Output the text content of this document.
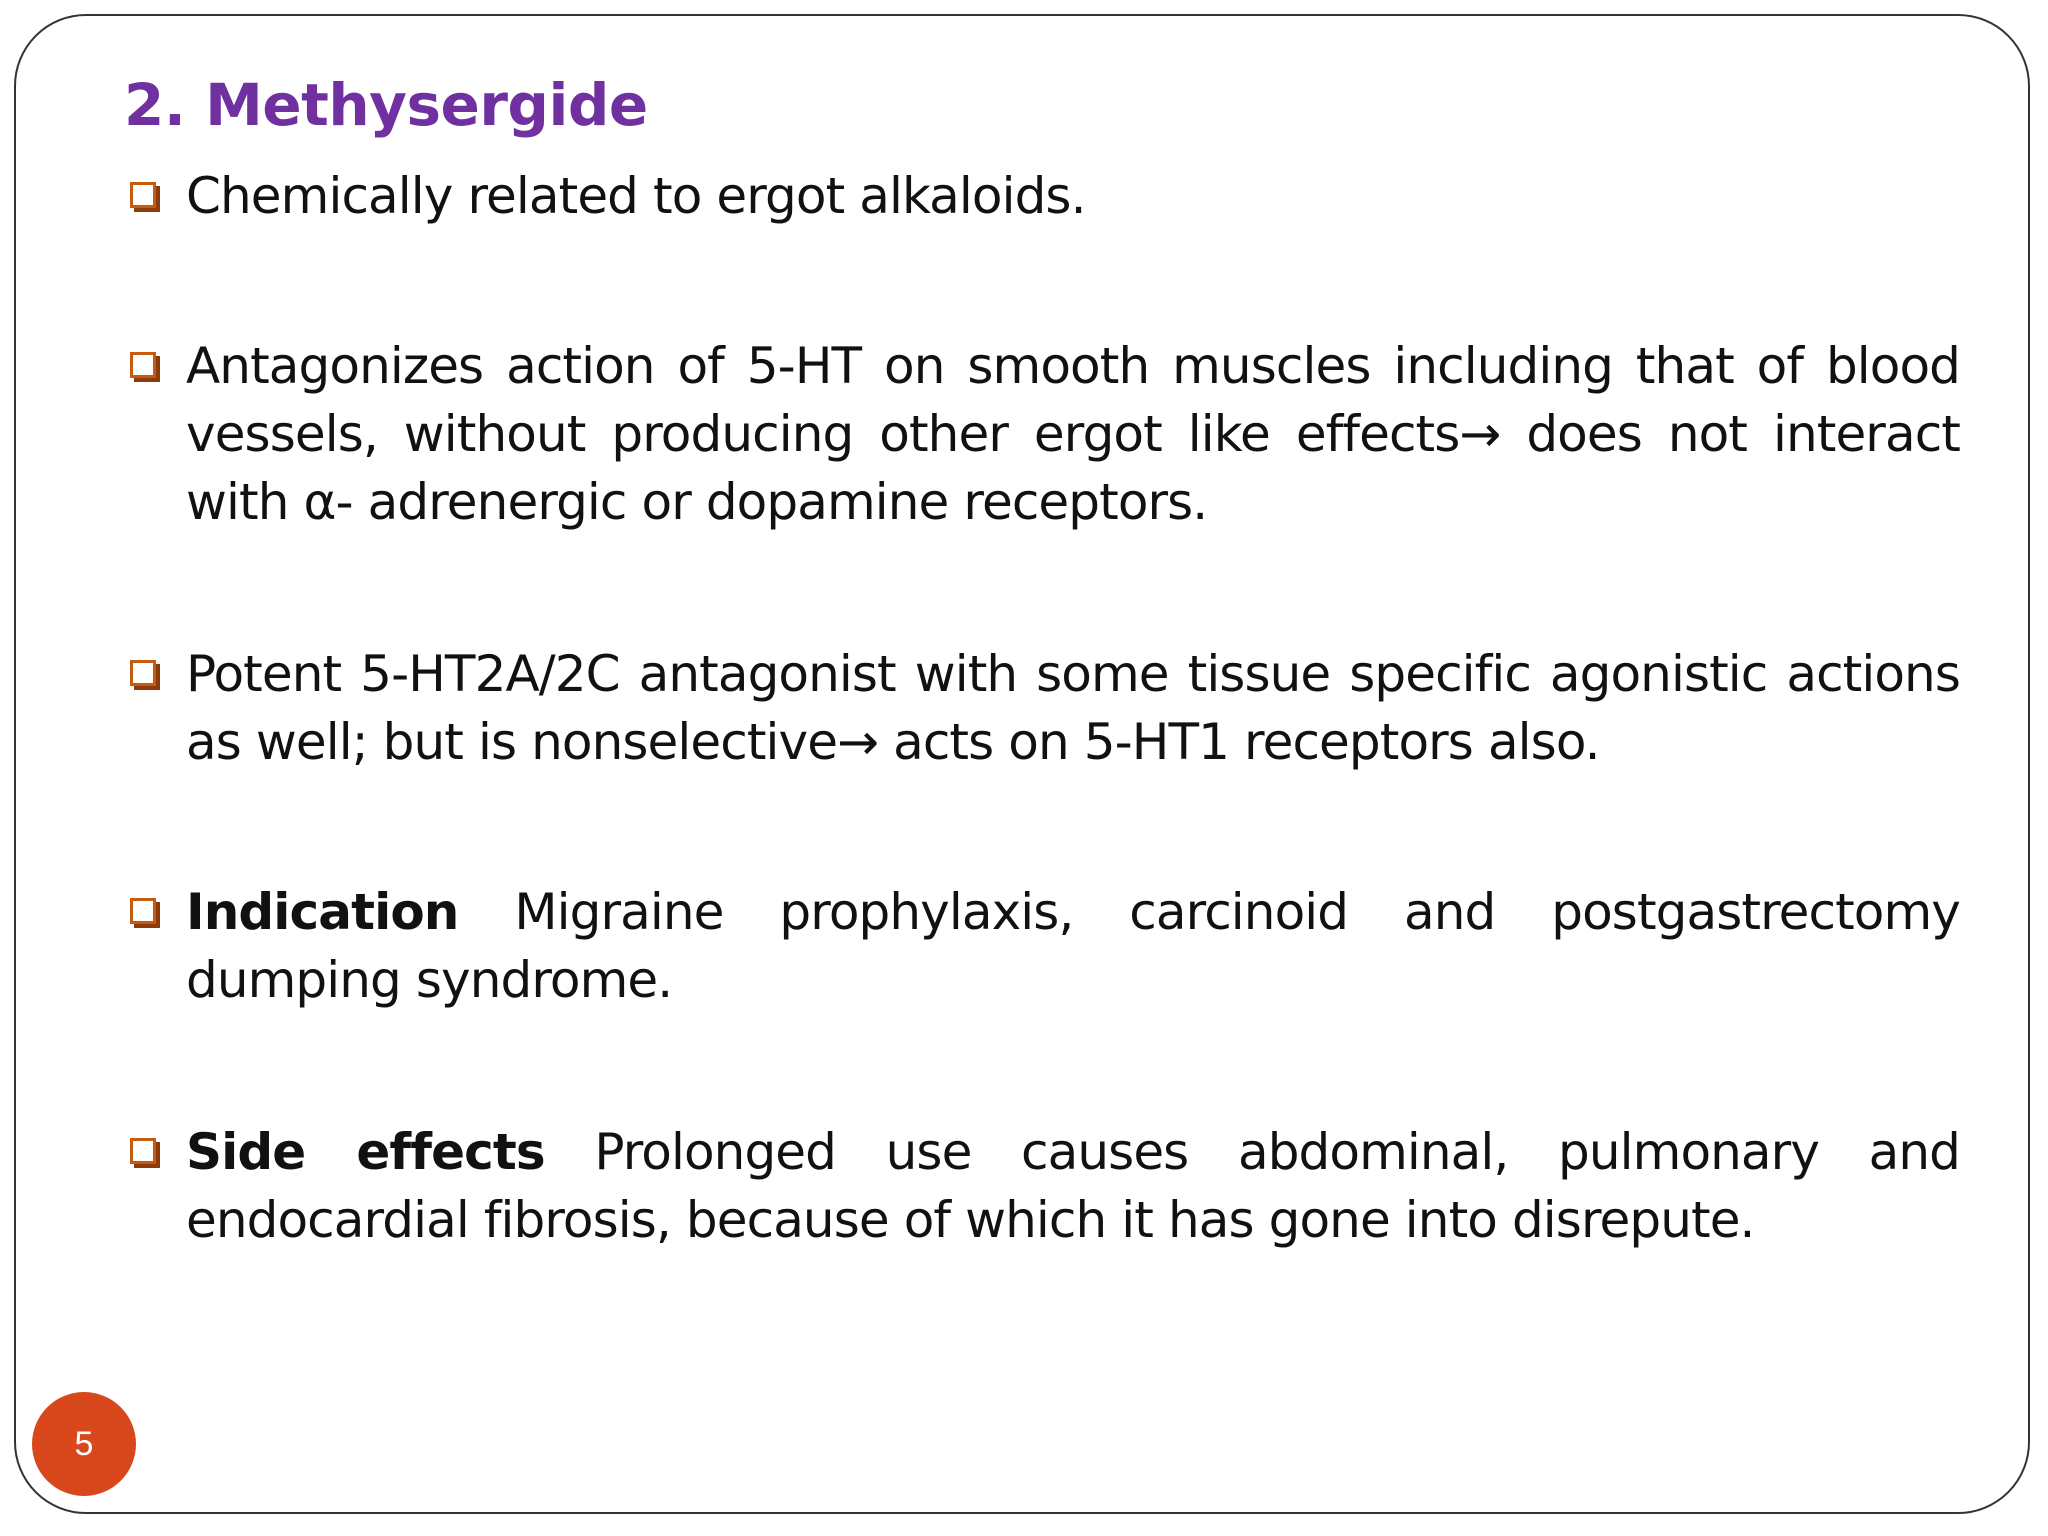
2. Methysergide
Chemically related to ergot alkaloids.
Antagonizes action of 5-HT on smooth muscles including that of blood vessels, without producing other ergot like effects→ does not interact with α- adrenergic or dopamine receptors.
Potent 5-HT2A/2C antagonist with some tissue specific agonistic actions as well; but is nonselective→ acts on 5-HT1 receptors also.
Indication Migraine prophylaxis, carcinoid and postgastrectomy dumping syndrome.
Side effects Prolonged use causes abdominal, pulmonary and endocardial fibrosis, because of which it has gone into disrepute.
5
